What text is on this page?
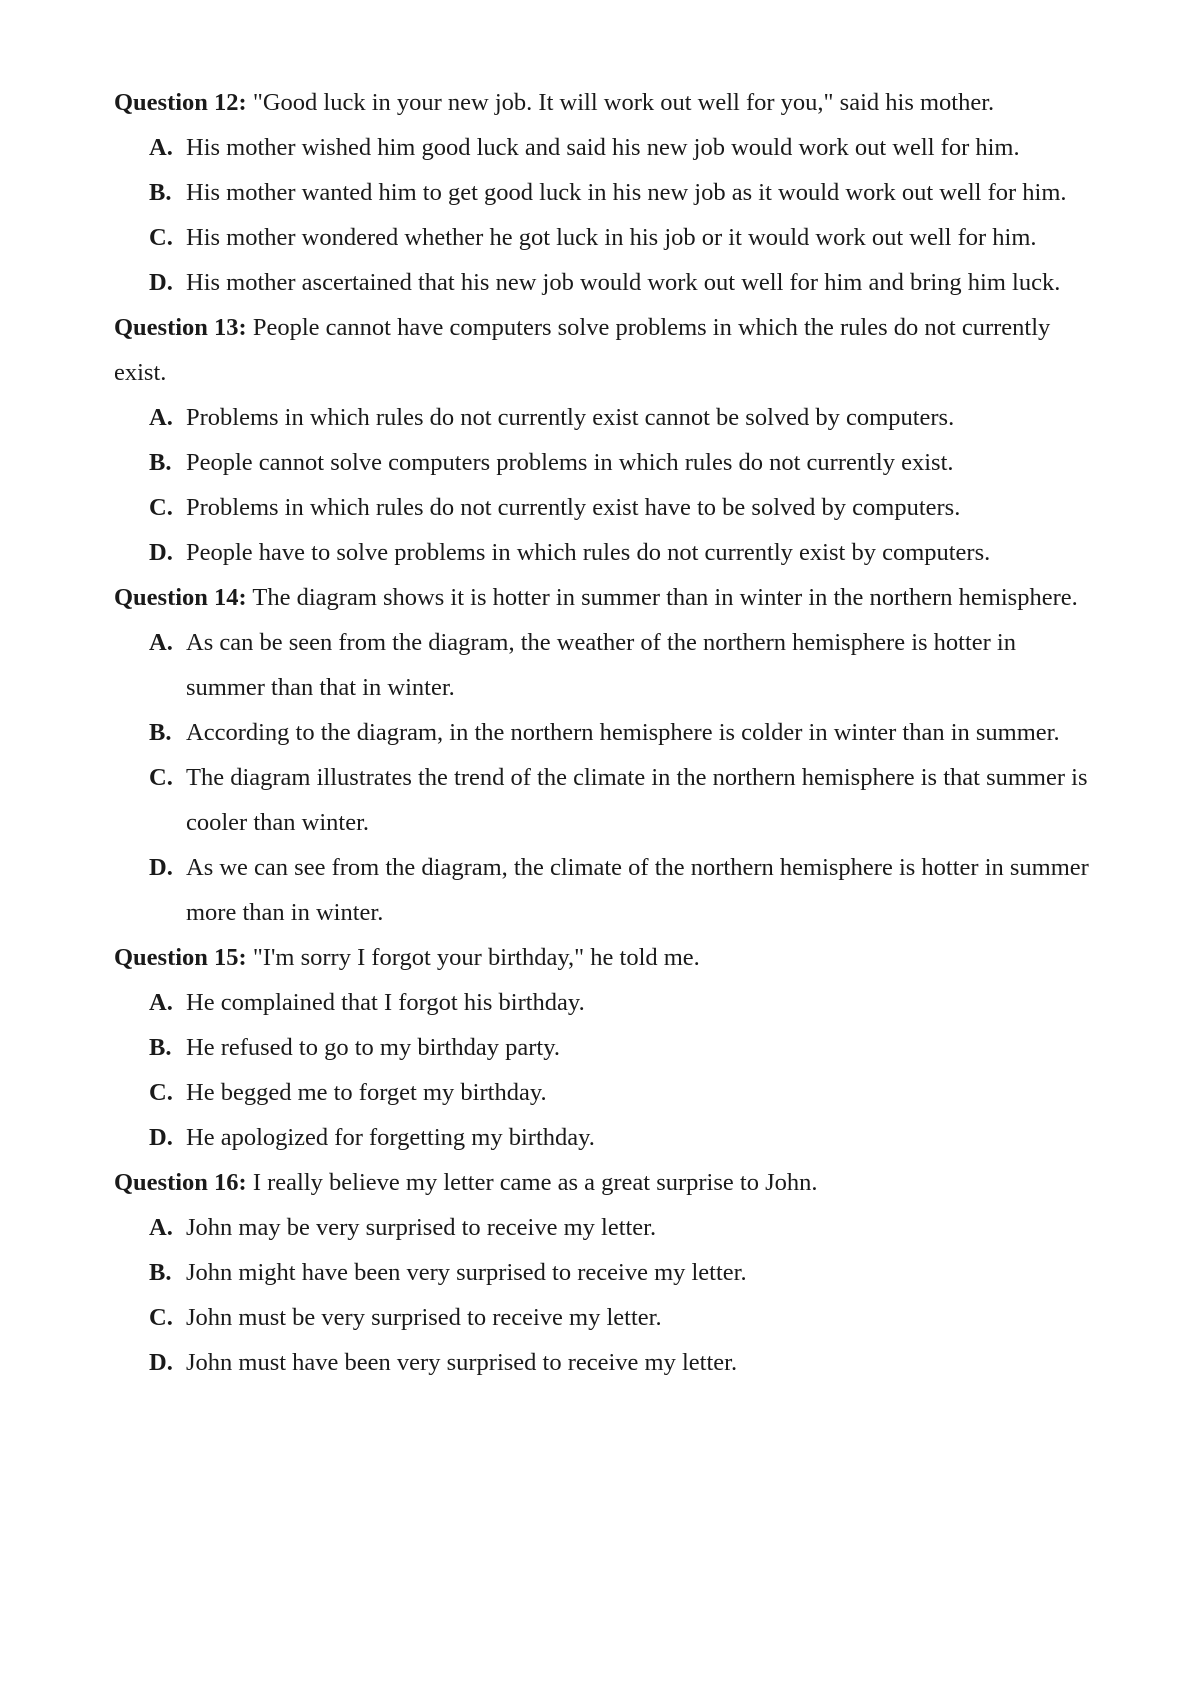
Question 12: "Good luck in your new job. It will work out well for you," said his mother.

A. His mother wished him good luck and said his new job would work out well for him.
B. His mother wanted him to get good luck in his new job as it would work out well for him.
C. His mother wondered whether he got luck in his job or it would work out well for him.
D. His mother ascertained that his new job would work out well for him and bring him luck.

Question 13: People cannot have computers solve problems in which the rules do not currently exist.

A. Problems in which rules do not currently exist cannot be solved by computers.
B. People cannot solve computers problems in which rules do not currently exist.
C. Problems in which rules do not currently exist have to be solved by computers.
D. People have to solve problems in which rules do not currently exist by computers.

Question 14: The diagram shows it is hotter in summer than in winter in the northern hemisphere.

A. As can be seen from the diagram, the weather of the northern hemisphere is hotter in summer than that in winter.
B. According to the diagram, in the northern hemisphere is colder in winter than in summer.
C. The diagram illustrates the trend of the climate in the northern hemisphere is that summer is cooler than winter.
D. As we can see from the diagram, the climate of the northern hemisphere is hotter in summer more than in winter.

Question 15: "I'm sorry I forgot your birthday," he told me.

A. He complained that I forgot his birthday.
B. He refused to go to my birthday party.
C. He begged me to forget my birthday.
D. He apologized for forgetting my birthday.

Question 16: I really believe my letter came as a great surprise to John.

A. John may be very surprised to receive my letter.
B. John might have been very surprised to receive my letter.
C. John must be very surprised to receive my letter.
D. John must have been very surprised to receive my letter.
